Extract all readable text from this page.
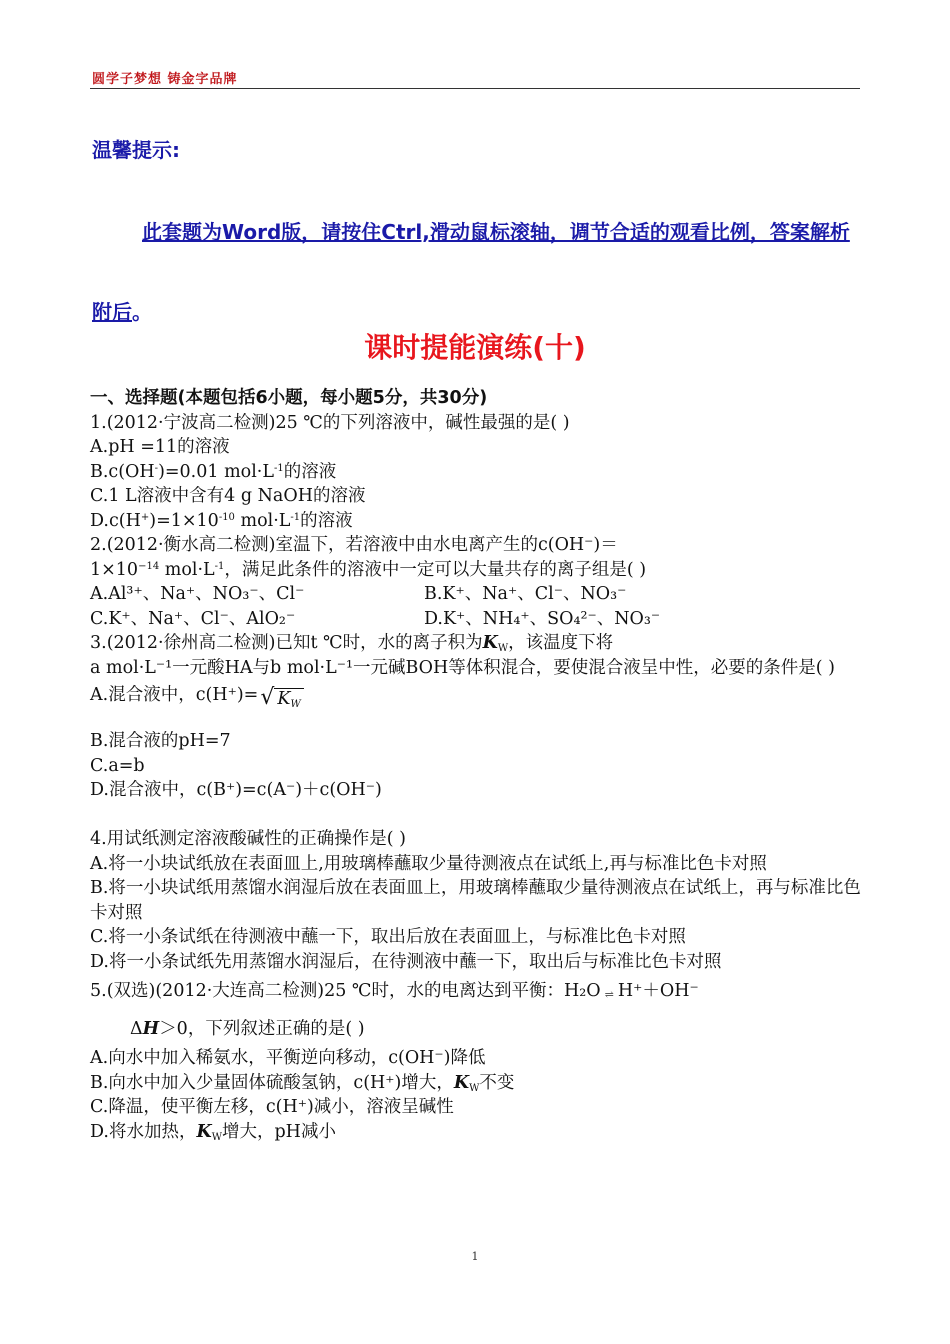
圆学子梦想 铸金字品牌
温馨提示:
此套题为Word版，请按住Ctrl,滑动鼠标滚轴，调节合适的观看比例，答案解析附后。
课时提能演练(十)
一、选择题(本题包括6小题，每小题5分，共30分)
1.(2012·宁波高二检测)25 ℃的下列溶液中，碱性最强的是( )
A.pH =11的溶液
B.c(OH-)=0.01 $mol\cdot L^{-1}$的溶液
C.1 L溶液中含有4 g NaOH的溶液
$D.c(H^+)=1\times 10^{-10}$ $mol\cdot L^{-1}$的溶液
2.(2012·衡水高二检测)室温下，若溶液中由水电离产生的c(OH⁻)＝
$1\times 10^{-14}$ $mol\cdot L^{-1}$，满足此条件的溶液中一定可以大量共存的离子组是( )
A.Al³⁺、Na⁺、NO₃⁻、Cl⁻	B.K⁺、Na⁺、Cl⁻、NO₃⁻
C.K⁺、Na⁺、Cl⁻、AlO₂⁻	D.K⁺、NH₄⁺、SO₄²⁻、NO₃⁻
3.(2012·徐州高二检测)已知t ℃时，水的离子积为$K_W$，该温度下将
a mol·L⁻¹一元酸HA与b mol·L⁻¹一元碱BOH等体积混合，要使混合液呈中性，必要的条件是( )
A.混合液中，c(H⁺)=√ $K_W$
B.混合液的pH=7
C.a=b
D.混合液中，c(B⁺)=c(A⁻)＋c(OH⁻)
4.用试纸测定溶液酸碱性的正确操作是( )
A.将一小块试纸放在表面皿上,用玻璃棒蘸取少量待测液点在试纸上,再与标准比色卡对照
B.将一小块试纸用蒸馏水润湿后放在表面皿上，用玻璃棒蘸取少量待测液点在试纸上，再与标准比色卡对照
C.将一小条试纸在待测液中蘸一下，取出后放在表面皿上，与标准比色卡对照
D.将一小条试纸先用蒸馏水润湿后，在待测液中蘸一下，取出后与标准比色卡对照
5.(双选)(2012·大连高二检测)25 ℃时，水的电离达到平衡：H₂O ⇌ H⁺＋OH⁻
ΔH＞0，下列叙述正确的是( )
A.向水中加入稀氨水，平衡逆向移动，c(OH⁻)降低
B.向水中加入少量固体硫酸氢钠，c(H⁺)增大，$K_W$不变
C.降温，使平衡左移，c(H⁺)减小，溶液呈碱性
D.将水加热，$K_W$增大，pH减小
1
